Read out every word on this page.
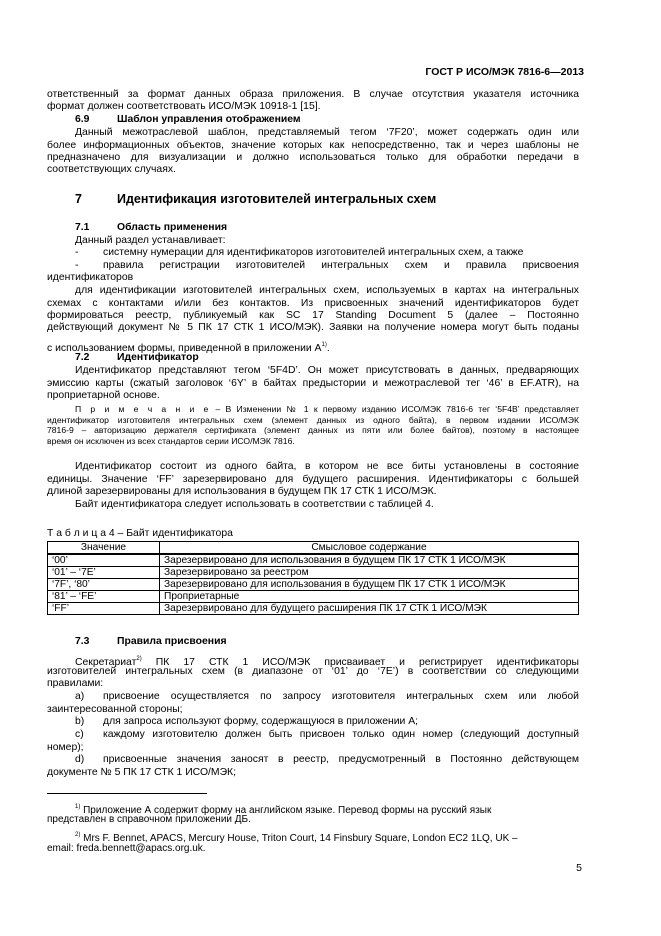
ГОСТ Р ИСО/МЭК 7816-6—2013
ответственный за формат данных образа приложения. В случае отсутствия указателя источника
формат должен соответствовать ИСО/МЭК 10918-1 [15].
6.9	Шаблон управления отображением
Данный межотраслевой шаблон, представляемый тегом ‘7F20’, может содержать один или
более информационных объектов, значение которых как непосредственно, так и через шаблоны не
предназначено для визуализации и должно использоваться только для обработки передачи в
соответствующих случаях.
7	Идентификация изготовителей интегральных схем
7.1	Область применения
Данный раздел устанавливает:
- системну нумерации для идентификаторов изготовителей интегральных схем, а также
- правила регистрации изготовителей интегральных схем и правила присвоения
идентификаторов
для идентификации изготовителей интегральных схем, используемых в картах на интегральных
схемах с контактами и/или без контактов. Из присвоенных значений идентификаторов будет
формироваться реестр, публикуемый как SC 17 Standing Document 5 (далее – Постоянно
действующий документ № 5 ПК 17 СТК 1 ИСО/МЭК). Заявки на получение номера могут быть поданы
с использованием формы, приведенной в приложении $А^{1)}$.
7.2	Идентификатор
Идентификатор представляют тегом ‘5F4D’. Он может присутствовать в данных, предваряющих
эмиссию карты (сжатый заголовок ‘6Y’ в байтах предыстории и межотраслевой тег ‘46’ в EF.ATR), на
проприетарной основе.
П р и м е ч а н и е – В Изменении № 1 к первому изданию ИСО/МЭК 7816-6 тег ‘5F4B’ представляет
идентификатор изготовителя интегральных схем (элемент данных из одного байта), в первом издании ИСО/МЭК
7816-9 – авторизацию держателя сертификата (элемент данных из пяти или более байтов), поэтому в настоящее
время он исключен из всех стандартов серии ИСО/МЭК 7816.
Идентификатор состоит из одного байта, в котором не все биты установлены в состояние
единицы. Значение ‘FF’ зарезервировано для будущего расширения. Идентификаторы с большей
длиной зарезервированы для использования в будущем ПК 17 СТК 1 ИСО/МЭК.
Байт идентификатора следует использовать в соответствии с таблицей 4.
Т а б л и ц а 4 – Байт идентификатора
Значение	Смысловое содержание
‘00’	Зарезервировано для использования в будущем ПК 17 СТК 1 ИСО/МЭК
‘01’ – ‘7E’	Зарезервировано за реестром
‘7F’, ‘80’	Зарезервировано для использования в будущем ПК 17 СТК 1 ИСО/МЭК
‘81’ – ‘FE’	Проприетарные
‘FF’	Зарезервировано для будущего расширения ПК 17 СТК 1 ИСО/МЭК
7.3	Правила присвоения
Секретариат$^{2)}$ ПК 17 СТК 1 ИСО/МЭК присваивает и регистрирует идентификаторы
изготовителей интегральных схем (в диапазоне от ‘01’ до ‘7E’) в соответствии со следующими
правилами:
a) присвоение осуществляется по запросу изготовителя интегральных схем или любой
заинтересованной стороны;
b) для запроса используют форму, содержащуюся в приложении А;
c) каждому изготовителю должен быть присвоен только один номер (следующий доступный
номер);
d) присвоенные значения заносят в реестр, предусмотренный в Постоянно действующем
документе № 5 ПК 17 СТК 1 ИСО/МЭК;
$^{1)}$ Приложение А содержит форму на английском языке. Перевод формы на русский язык
представлен в справочном приложении ДБ.
$^{2)}$ Mrs F. Bennet, APACS, Mercury House, Triton Court, 14 Finsbury Square, London EC2 1LQ, UK –
email: freda.bennett@apacs.org.uk.
5
